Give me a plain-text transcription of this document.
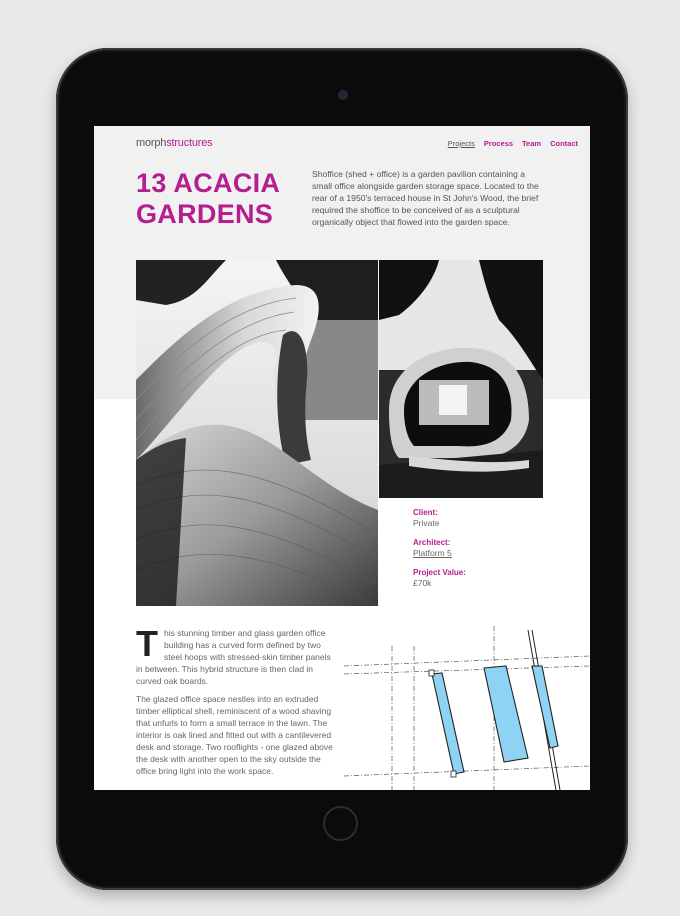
morphstructures	Projects Process Team Contact
13 ACACIA GARDENS
Shoffice (shed + office) is a garden pavilion containing a small office alongside garden storage space. Located to the rear of a 1950's terraced house in St John's Wood, the brief required the shoffice to be conceived of as a sculptural organically object that flowed into the garden space.
Client:
Private
Architect:
Platform 5
Project Value:
£70k

This stunning timber and glass garden office building has a curved form defined by two steel hoops with stressed-skin timber panels in between. This hybrid structure is then clad in curved oak boards.

The glazed office space nestles into an extruded timber elliptical shell, reminiscent of a wood shaving that unfurls to form a small terrace in the lawn. The interior is oak lined and fitted out with a cantilevered desk and storage. Two rooflights - one glazed above the desk with another open to the sky outside the office bring light into the work space.
